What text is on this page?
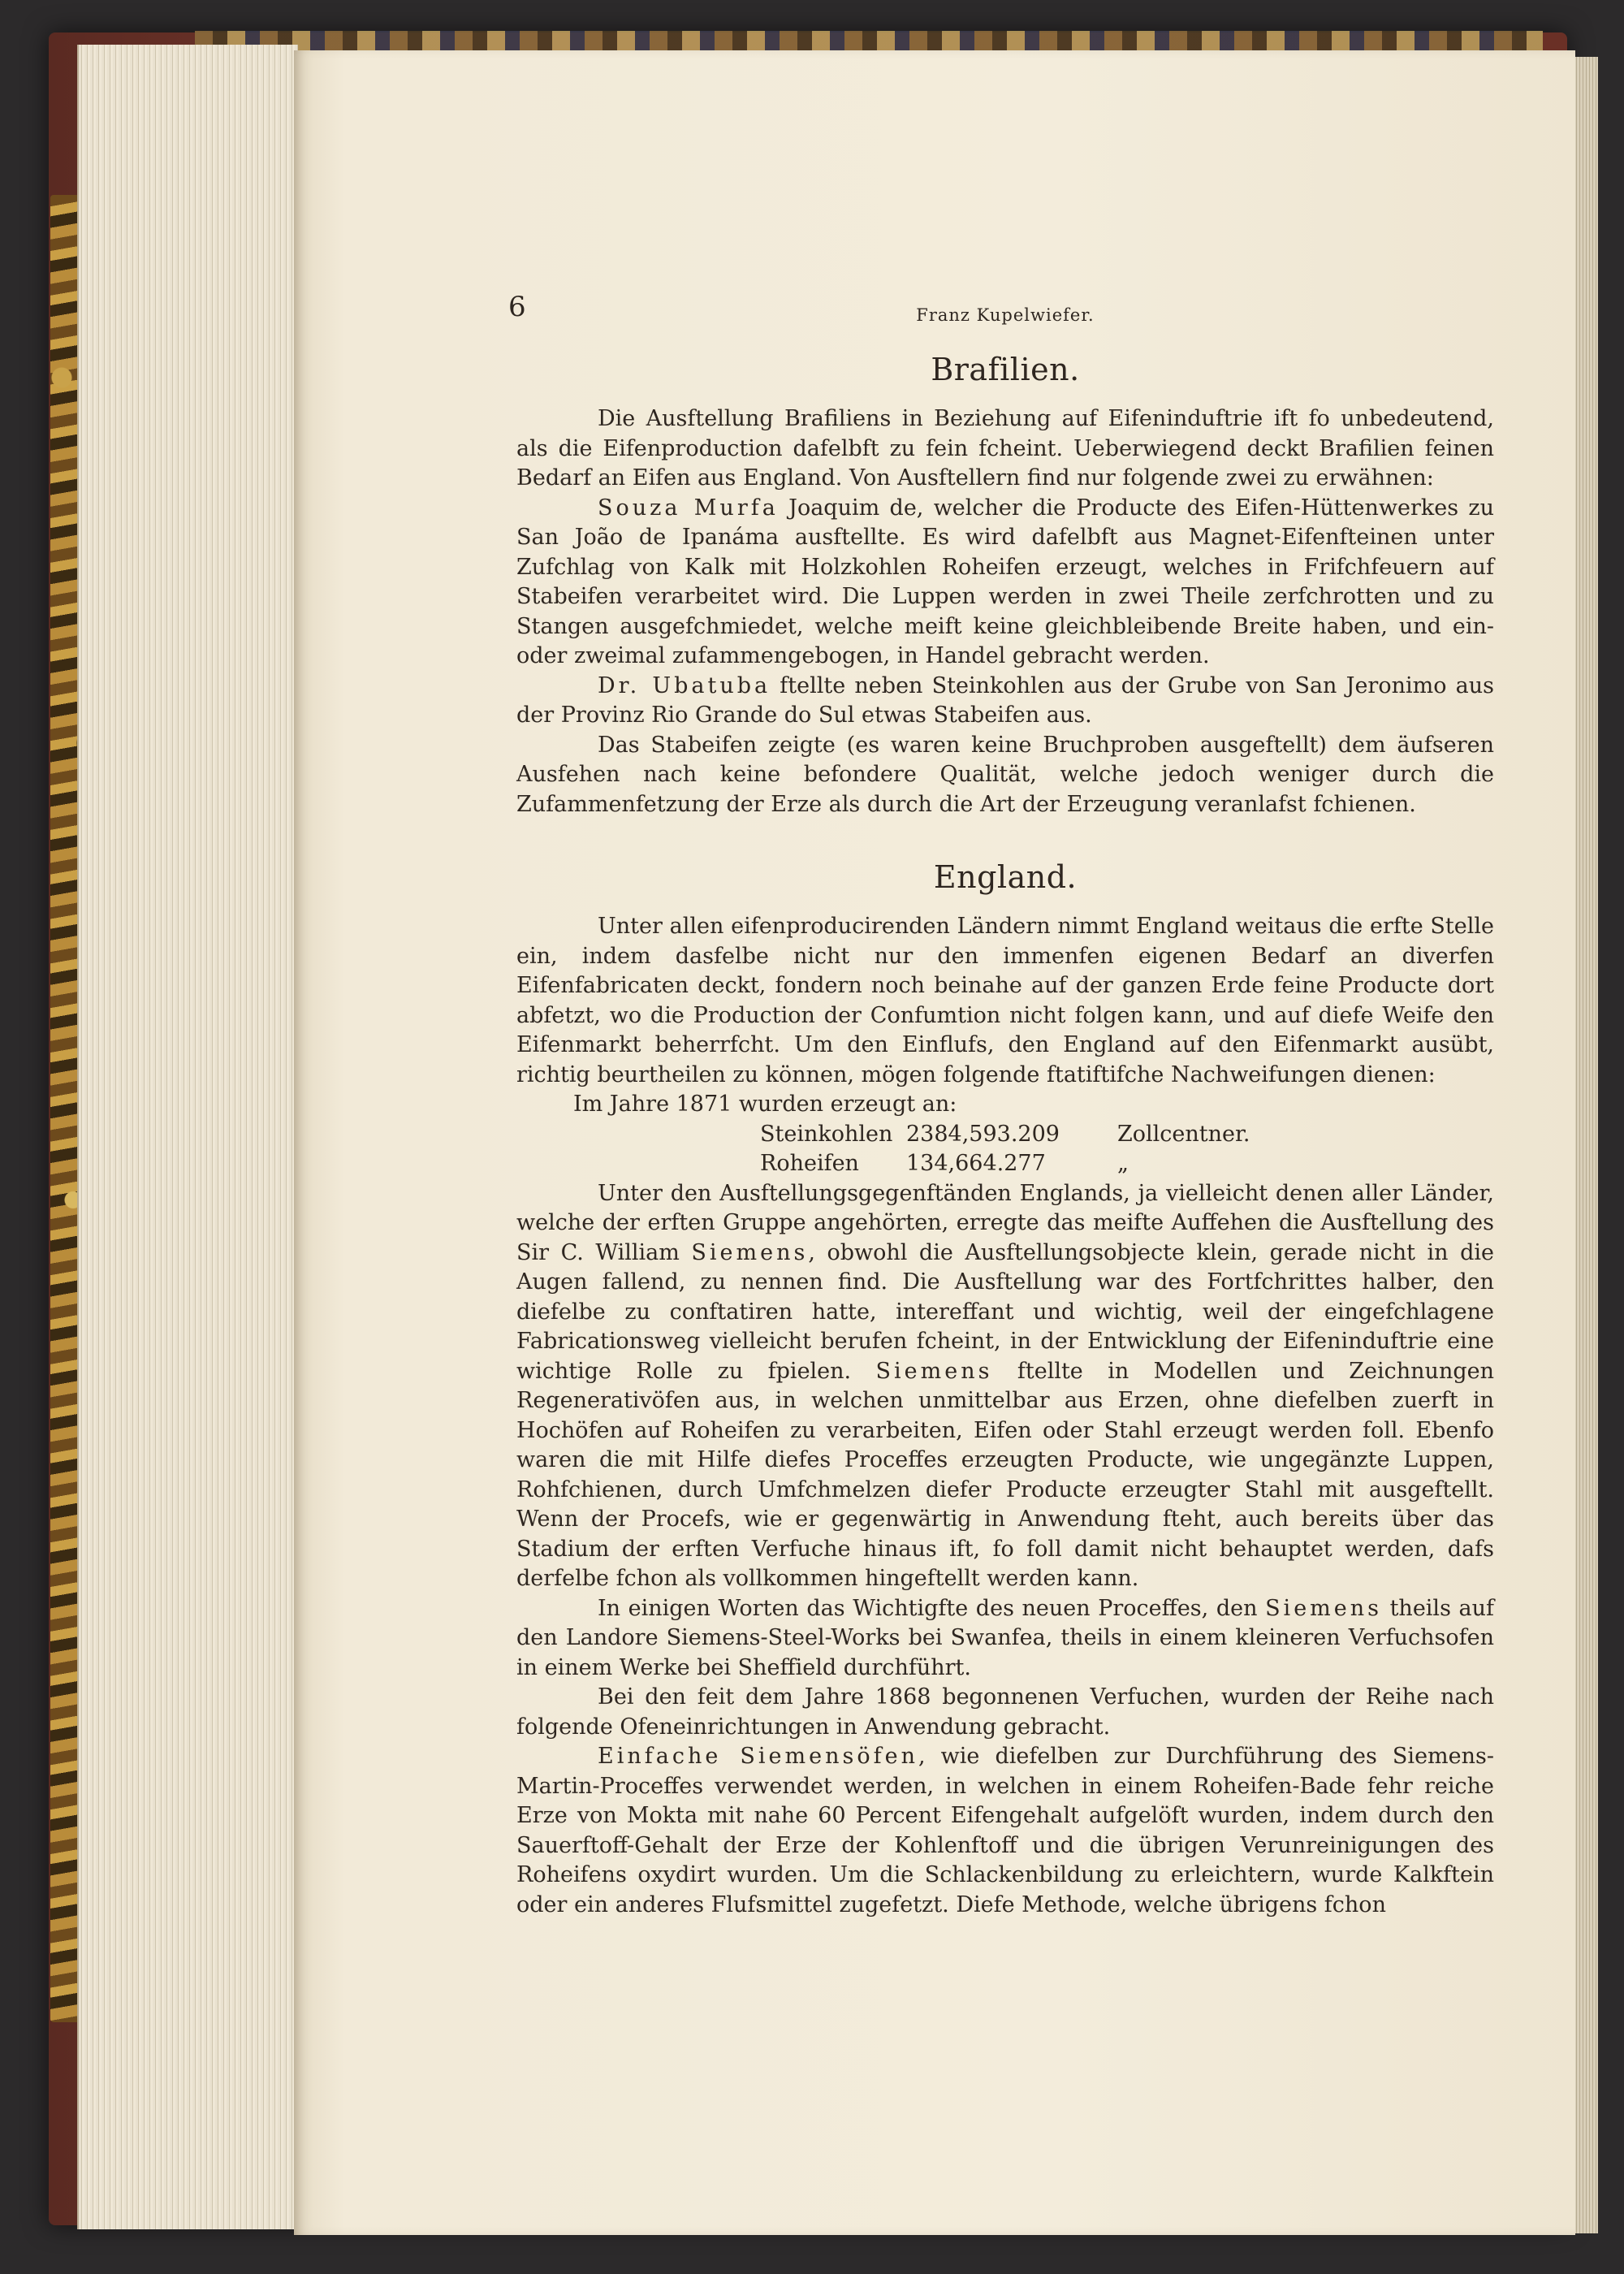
6	Franz Kupelwiefer.
Brafilien.

Die Ausftellung Brafiliens in Beziehung auf Eifeninduftrie ift fo unbedeutend, als die Eifenproduction dafelbft zu fein fcheint. Ueberwiegend deckt Brafilien feinen Bedarf an Eifen aus England. Von Ausftellern find nur folgende zwei zu erwähnen:

Souza Murfa Joaquim de, welcher die Producte des Eifen-Hüttenwerkes zu San João de Ipanáma ausftellte. Es wird dafelbft aus Magnet-Eifenfteinen unter Zufchlag von Kalk mit Holzkohlen Roheifen erzeugt, welches in Frifchfeuern auf Stabeifen verarbeitet wird. Die Luppen werden in zwei Theile zerfchrotten und zu Stangen ausgefchmiedet, welche meift keine gleichbleibende Breite haben, und ein- oder zweimal zufammengebogen, in Handel gebracht werden.

Dr. Ubatuba ftellte neben Steinkohlen aus der Grube von San Jeronimo aus der Provinz Rio Grande do Sul etwas Stabeifen aus.

Das Stabeifen zeigte (es waren keine Bruchproben ausgeftellt) dem äufseren Ausfehen nach keine befondere Qualität, welche jedoch weniger durch die Zufammenfetzung der Erze als durch die Art der Erzeugung veranlafst fchienen.

England.

Unter allen eifenproducirenden Ländern nimmt England weitaus die erfte Stelle ein, indem dasfelbe nicht nur den immenfen eigenen Bedarf an diverfen Eifenfabricaten deckt, fondern noch beinahe auf der ganzen Erde feine Producte dort abfetzt, wo die Production der Confumtion nicht folgen kann, und auf diefe Weife den Eifenmarkt beherrfcht. Um den Einflufs, den England auf den Eifenmarkt ausübt, richtig beurtheilen zu können, mögen folgende ftatiftifche Nachweifungen dienen:

Im Jahre 1871 wurden erzeugt an:

Steinkohlen	2384,593.209	Zollcentner.
Roheifen	134,664.277	„

Unter den Ausftellungsgegenftänden Englands, ja vielleicht denen aller Länder, welche der erften Gruppe angehörten, erregte das meifte Auffehen die Ausftellung des Sir C. William Siemens, obwohl die Ausftellungsobjecte klein, gerade nicht in die Augen fallend, zu nennen find. Die Ausftellung war des Fortfchrittes halber, den diefelbe zu conftatiren hatte, intereffant und wichtig, weil der eingefchlagene Fabricationsweg vielleicht berufen fcheint, in der Entwicklung der Eifeninduftrie eine wichtige Rolle zu fpielen. Siemens ftellte in Modellen und Zeichnungen Regenerativöfen aus, in welchen unmittelbar aus Erzen, ohne diefelben zuerft in Hochöfen auf Roheifen zu verarbeiten, Eifen oder Stahl erzeugt werden foll. Ebenfo waren die mit Hilfe diefes Proceffes erzeugten Producte, wie ungegänzte Luppen, Rohfchienen, durch Umfchmelzen diefer Producte erzeugter Stahl mit ausgeftellt. Wenn der Procefs, wie er gegenwärtig in Anwendung fteht, auch bereits über das Stadium der erften Verfuche hinaus ift, fo foll damit nicht behauptet werden, dafs derfelbe fchon als vollkommen hingeftellt werden kann.

In einigen Worten das Wichtigfte des neuen Proceffes, den Siemens theils auf den Landore Siemens-Steel-Works bei Swanfea, theils in einem kleineren Verfuchsofen in einem Werke bei Sheffield durchführt.

Bei den feit dem Jahre 1868 begonnenen Verfuchen, wurden der Reihe nach folgende Ofeneinrichtungen in Anwendung gebracht.

Einfache Siemensöfen, wie diefelben zur Durchführung des Siemens-Martin-Proceffes verwendet werden, in welchen in einem Roheifen-Bade fehr reiche Erze von Mokta mit nahe 60 Percent Eifengehalt aufgelöft wurden, indem durch den Sauerftoff-Gehalt der Erze der Kohlenftoff und die übrigen Verunreinigungen des Roheifens oxydirt wurden. Um die Schlackenbildung zu erleichtern, wurde Kalkftein oder ein anderes Flufsmittel zugefetzt. Diefe Methode, welche übrigens fchon
